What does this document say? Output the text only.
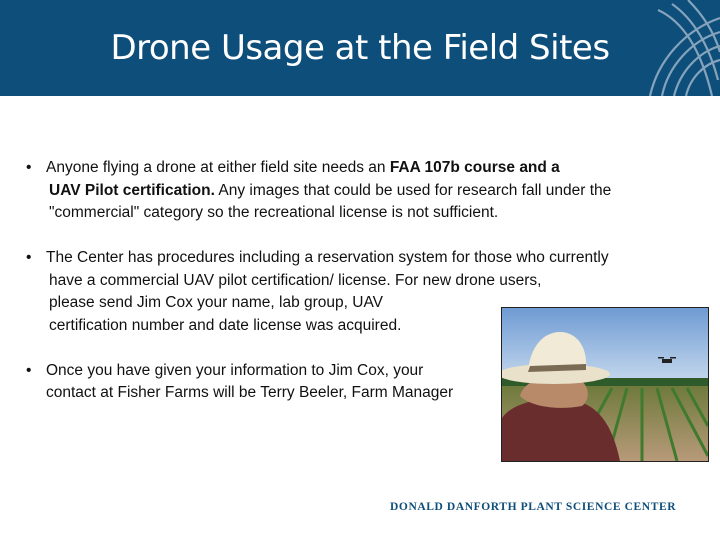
Drone Usage at the Field Sites
• Anyone flying a drone at either field site needs an FAA 107b course and a
UAV Pilot certification. Any images that could be used for research fall under the
"commercial" category so the recreational license is not sufficient.
• The Center has procedures including a reservation system for those who currently
have a commercial UAV pilot certification/ license. For new drone users,
please send Jim Cox your name, lab group, UAV
certification number and date license was acquired.
• Once you have given your information to Jim Cox, your
contact at Fisher Farms will be Terry Beeler, Farm Manager
DONALD DANFORTH PLANT SCIENCE CENTER
